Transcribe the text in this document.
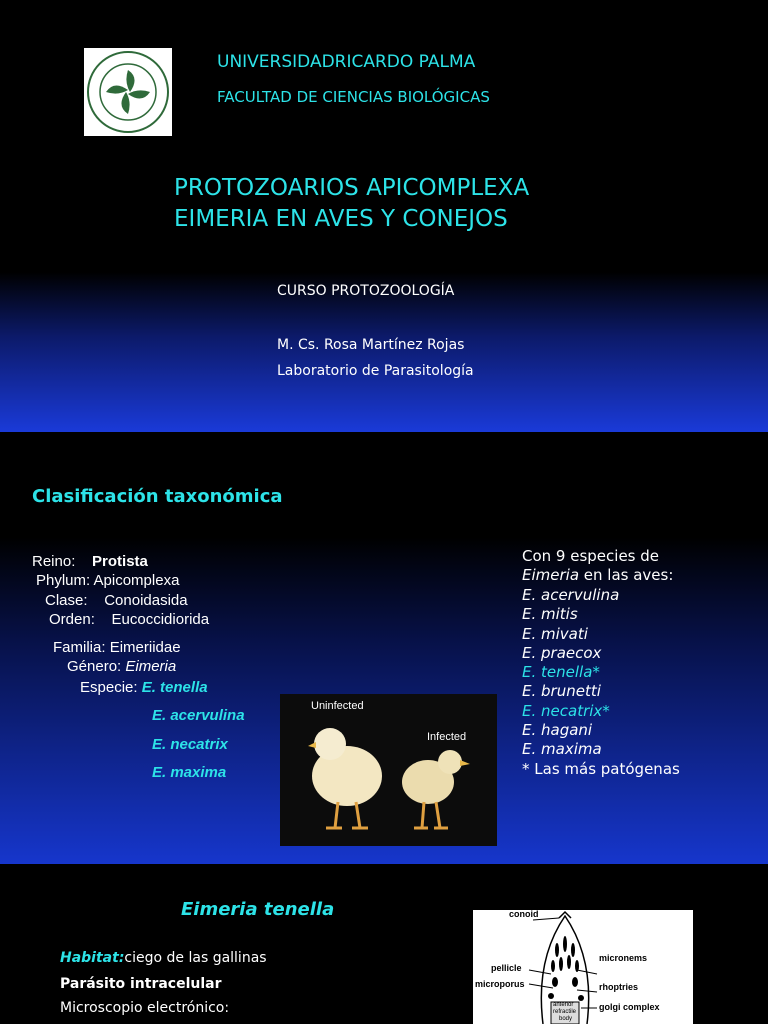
UNIVERSIDADRICARDO PALMA
FACULTAD DE CIENCIAS BIOLÓGICAS
PROTOZOARIOS APICOMPLEXA
EIMERIA EN AVES Y CONEJOS
CURSO PROTOZOOLOGÍA
M. Cs. Rosa Martínez Rojas
Laboratorio de Parasitología
Clasificación taxonómica
Reino: Protista
Phylum: Apicomplexa
Clase: Conoidasida
Orden: Eucoccidiorida
Familia: Eimeriidae
Género: Eimeria
Especie: E. tenella
E. acervulina
E. necatrix
E. maxima
Uninfected
Infected
Con 9 especies de
Eimeria en las aves:
E. acervulina
E. mitis
E. mivati
E. praecox
E. tenella*
E. brunetti
E. necatrix*
E. hagani
E. maxima
* Las más patógenas
Eimeria tenella
Habitat:ciego de las gallinas
Parásito intracelular
Microscopio electrónico:
conoid
micronems
pellicle
microporus	rhoptries
golgi complex
anterior
refractile
body
